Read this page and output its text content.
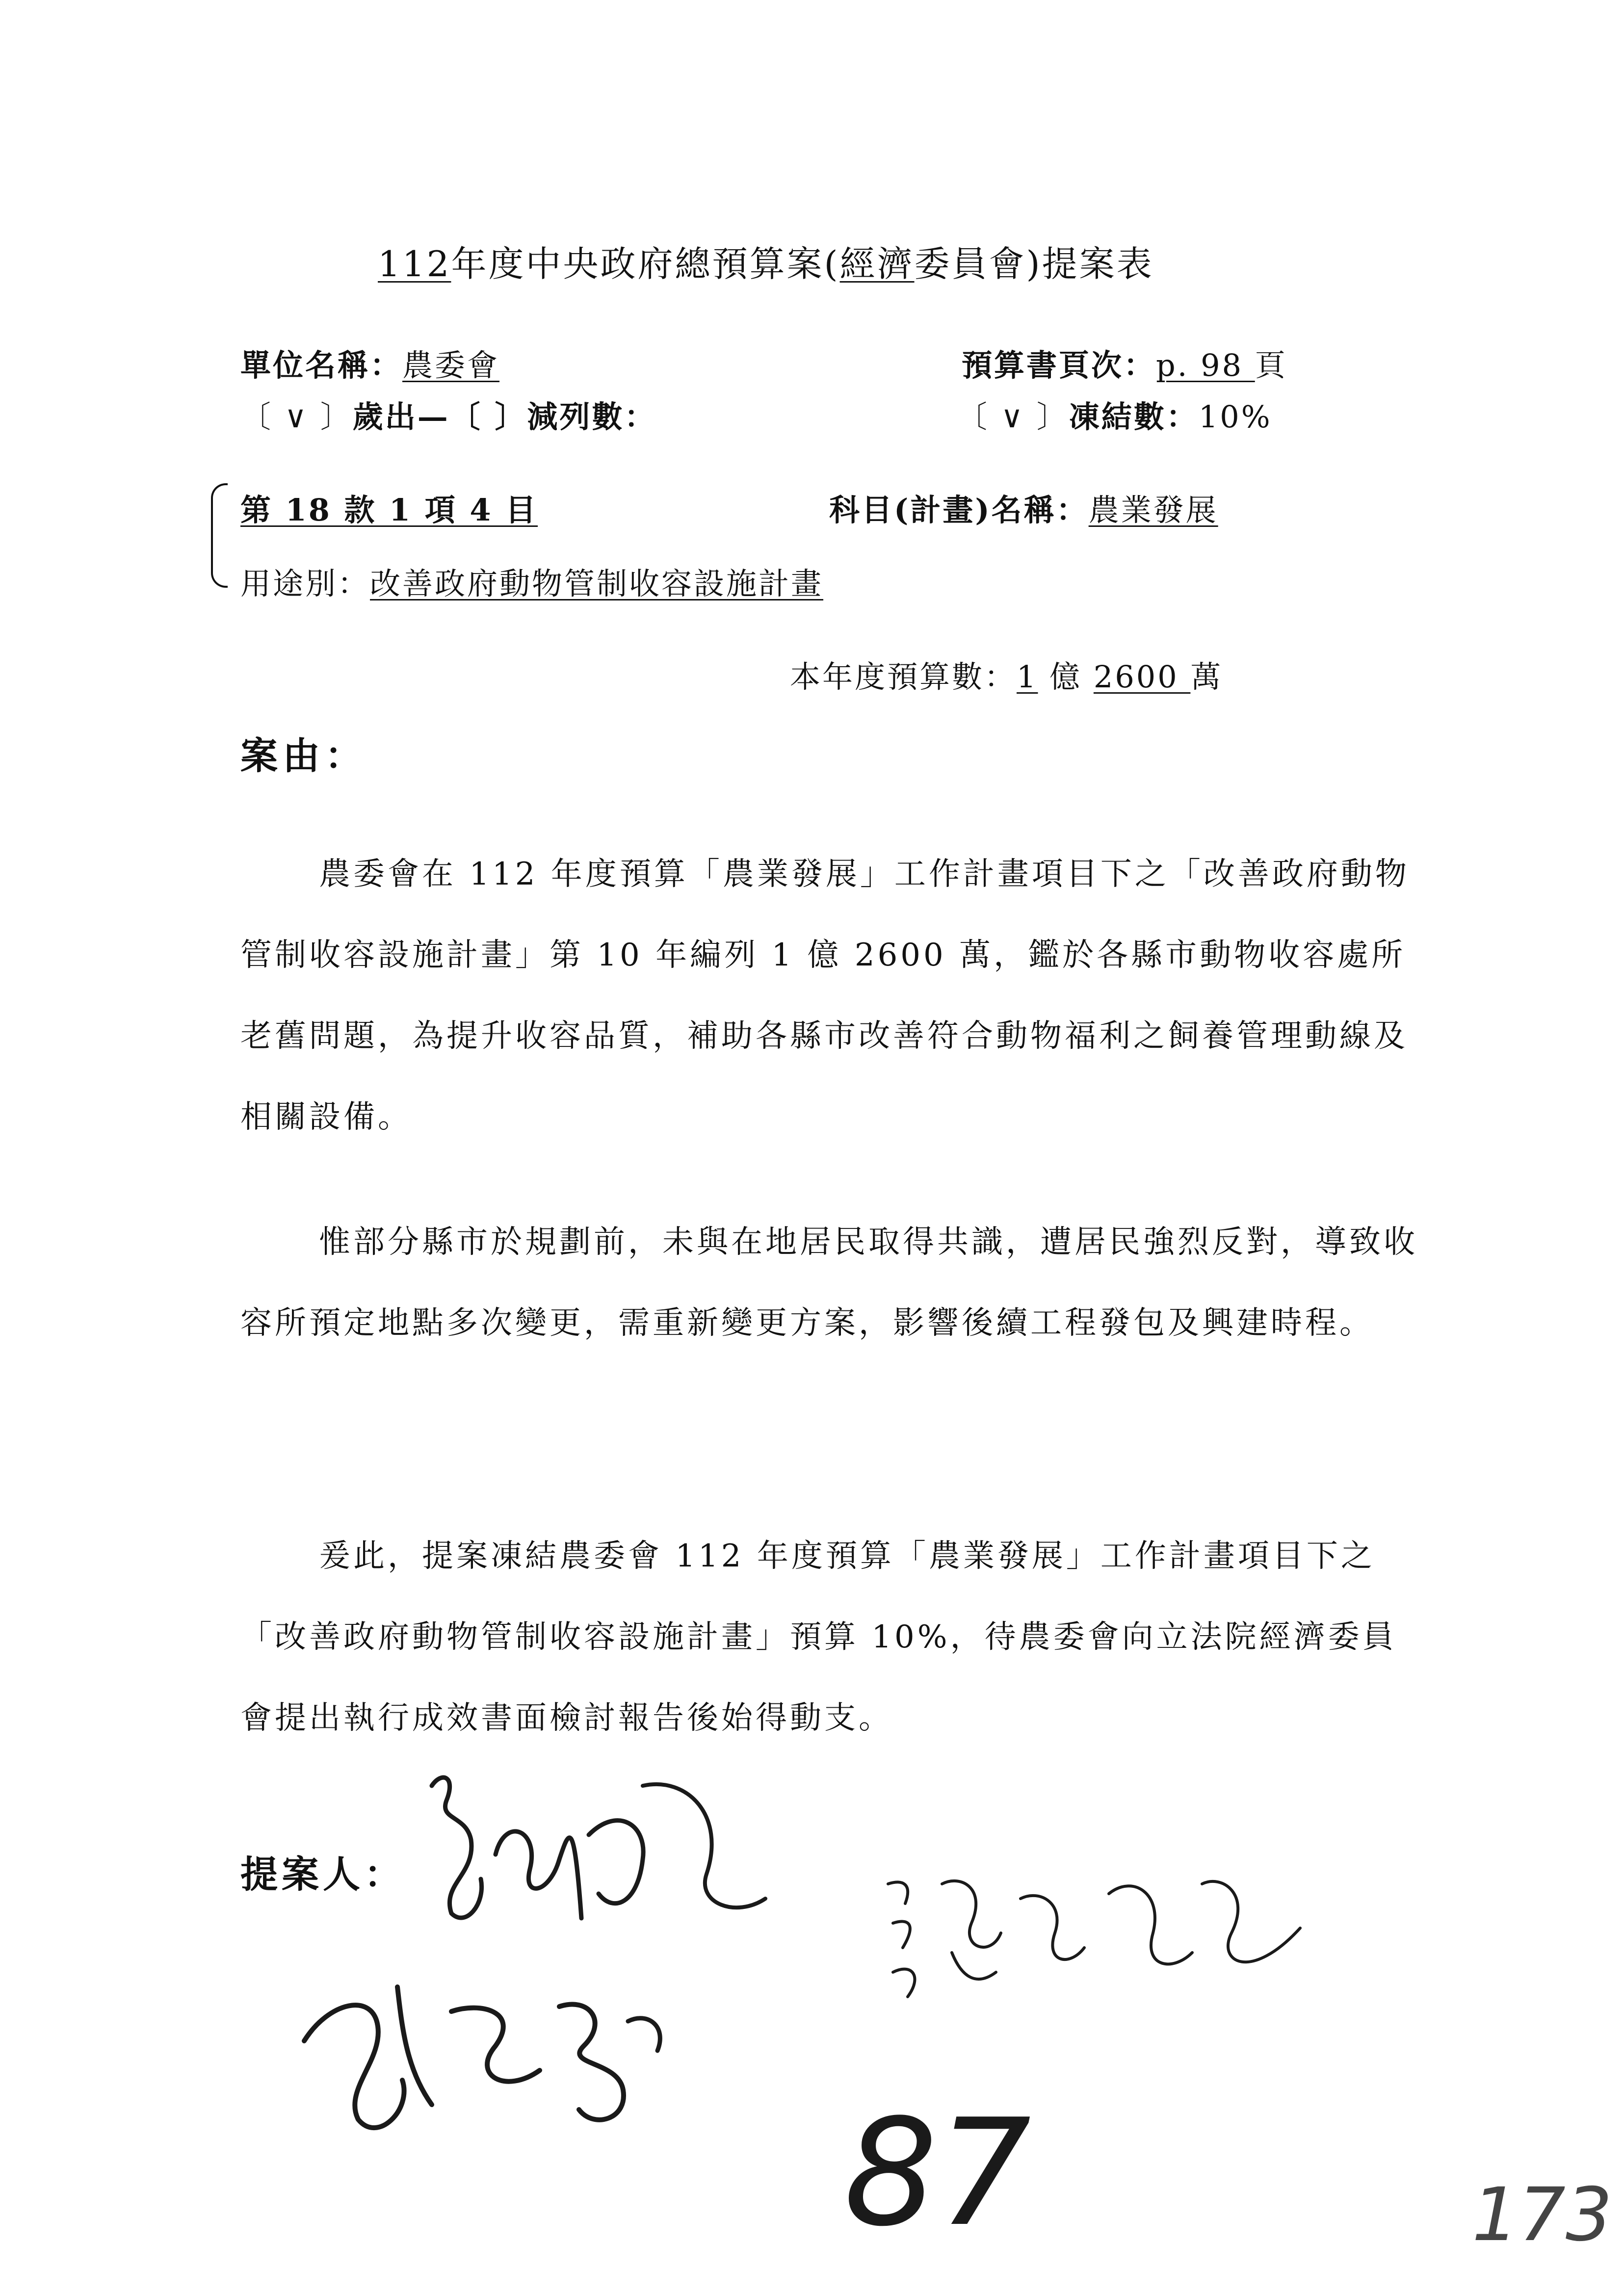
112年度中央政府總預算案(經濟委員會)提案表
單位名稱：農委會	預算書頁次：p. 98 頁
〔 ∨ 〕歲出—〔 〕減列數：	〔 ∨ 〕凍結數：10%
第 18 款 1 項 4 目	科目(計畫)名稱：農業發展
用途別：改善政府動物管制收容設施計畫
本年度預算數：1 億 2600 萬
案由：

農委會在 112 年度預算「農業發展」工作計畫項目下之「改善政府動物管制收容設施計畫」第 10 年編列 1 億 2600 萬，鑑於各縣市動物收容處所老舊問題，為提升收容品質，補助各縣市改善符合動物福利之飼養管理動線及相關設備。

惟部分縣市於規劃前，未與在地居民取得共識，遭居民強烈反對，導致收容所預定地點多次變更，需重新變更方案，影響後續工程發包及興建時程。

爰此，提案凍結農委會 112 年度預算「農業發展」工作計畫項目下之「改善政府動物管制收容設施計畫」預算 10%，待農委會向立法院經濟委員會提出執行成效書面檢討報告後始得動支。

提案人：
87	173
